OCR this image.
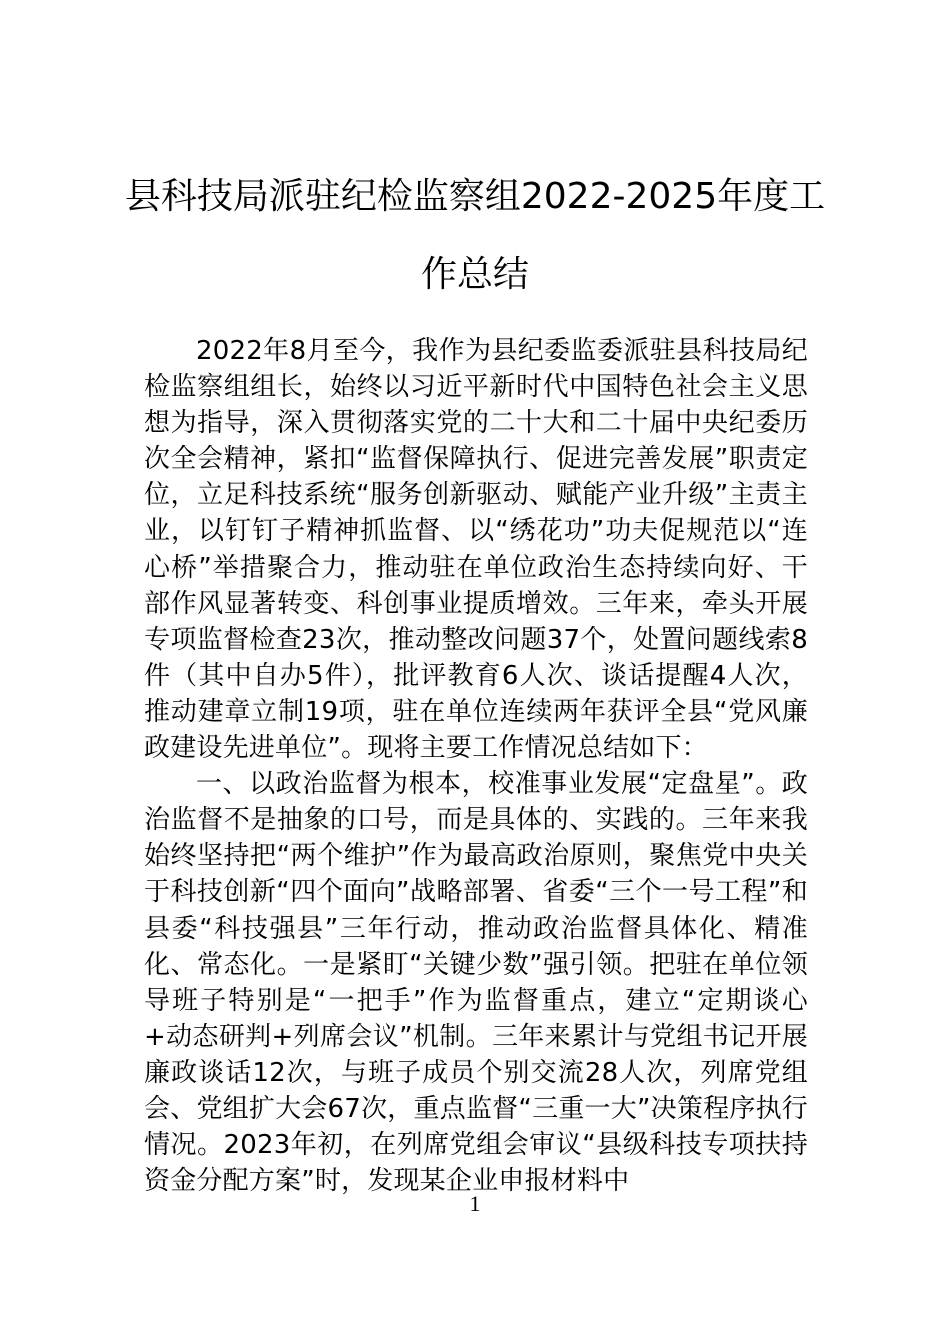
县科技局派驻纪检监察组2022-2025年度工
作总结

2022年8月至今，我作为县纪委监委派驻县科技局纪检监察组组长，始终以习近平新时代中国特色社会主义思想为指导，深入贯彻落实党的二十大和二十届中央纪委历次全会精神，紧扣“监督保障执行、促进完善发展”职责定位，立足科技系统“服务创新驱动、赋能产业升级”主责主业，以钉钉子精神抓监督、以“绣花功”功夫促规范以“连心桥”举措聚合力，推动驻在单位政治生态持续向好、干部作风显著转变、科创事业提质增效。三年来，牵头开展专项监督检查23次，推动整改问题37个，处置问题线索8件（其中自办5件），批评教育6人次、谈话提醒4人次，推动建章立制19项，驻在单位连续两年获评全县“党风廉政建设先进单位”。现将主要工作情况总结如下：

一、以政治监督为根本，校准事业发展“定盘星”。政治监督不是抽象的口号，而是具体的、实践的。三年来我始终坚持把“两个维护”作为最高政治原则，聚焦党中央关于科技创新“四个面向”战略部署、省委“三个一号工程”和县委“科技强县”三年行动，推动政治监督具体化、精准化、常态化。一是紧盯“关键少数”强引领。把驻在单位领导班子特别是“一把手”作为监督重点，建立“定期谈心+动态研判+列席会议”机制。三年来累计与党组书记开展廉政谈话12次，与班子成员个别交流28人次，列席党组会、党组扩大会67次，重点监督“三重一大”决策程序执行情况。2023年初，在列席党组会审议“县级科技专项扶持资金分配方案”时，发现某企业申报材料中

1
